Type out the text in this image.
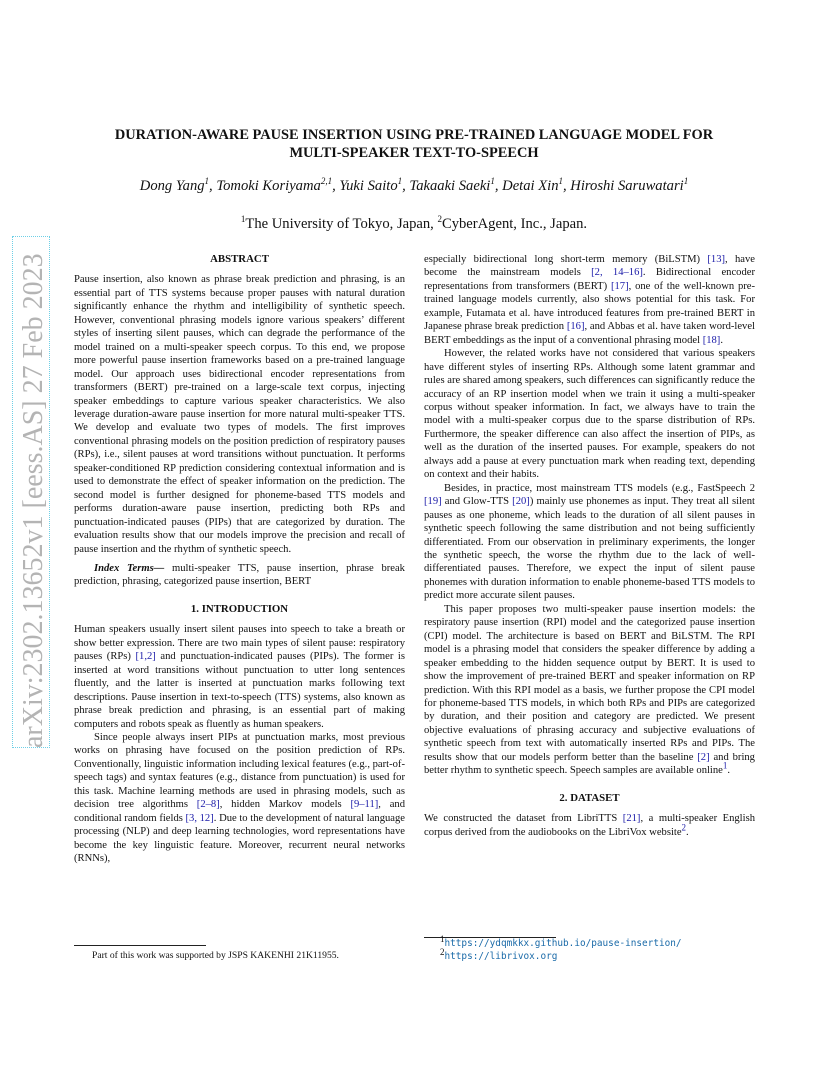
DURATION-AWARE PAUSE INSERTION USING PRE-TRAINED LANGUAGE MODEL FOR
MULTI-SPEAKER TEXT-TO-SPEECH
Dong Yang$^1$, Tomoki Koriyama$^{2,1}$, Yuki Saito$^1$, Takaaki Saeki$^1$, Detai Xin$^1$, Hiroshi Saruwatari$^1$
$^1$The University of Tokyo, Japan, $^2$CyberAgent, Inc., Japan.
arXiv:2302.13652v1 [eess.AS] 27 Feb 2023	ABSTRACT

Pause insertion, also known as phrase break prediction and phrasing, is an essential part of TTS systems because proper pauses with natural duration significantly enhance the rhythm and intelligibility of synthetic speech. However, conventional phrasing models ignore various speakers’ different styles of inserting silent pauses, which can degrade the performance of the model trained on a multi-speaker speech corpus. To this end, we propose more powerful pause insertion frameworks based on a pre-trained language model. Our approach uses bidirectional encoder representations from transformers (BERT) pre-trained on a large-scale text corpus, injecting speaker embeddings to capture various speaker characteristics. We also leverage duration-aware pause insertion for more natural multi-speaker TTS. We develop and evaluate two types of models. The first improves conventional phrasing models on the position prediction of respiratory pauses (RPs), i.e., silent pauses at word transitions without punctuation. It performs speaker-conditioned RP prediction considering contextual information and is used to demonstrate the effect of speaker information on the prediction. The second model is further designed for phoneme-based TTS models and performs duration-aware pause insertion, predicting both RPs and punctuation-indicated pauses (PIPs) that are categorized by duration. The evaluation results show that our models improve the precision and recall of pause insertion and the rhythm of synthetic speech.

Index Terms— multi-speaker TTS, pause insertion, phrase break prediction, phrasing, categorized pause insertion, BERT

1. INTRODUCTION

Human speakers usually insert silent pauses into speech to take a breath or show better expression. There are two main types of silent pause: respiratory pauses (RPs) [1,2] and punctuation-indicated pauses (PIPs). The former is inserted at word transitions without punctuation to utter long sentences fluently, and the latter is inserted at punctuation marks following text descriptions. Pause insertion in text-to-speech (TTS) systems, also known as phrase break prediction and phrasing, is an essential part of making computers and robots speak as fluently as human speakers.

Since people always insert PIPs at punctuation marks, most previous works on phrasing have focused on the position prediction of RPs. Conventionally, linguistic information including lexical features (e.g., part-of-speech tags) and syntax features (e.g., distance from punctuation) is used for this task. Machine learning methods are used in phrasing models, such as decision tree algorithms [2–8], hidden Markov models [9–11], and conditional random fields [3, 12]. Due to the development of natural language processing (NLP) and deep learning technologies, word representations have become the key linguistic feature. Moreover, recurrent neural networks (RNNs),

especially bidirectional long short-term memory (BiLSTM) [13], have become the mainstream models [2, 14–16]. Bidirectional encoder representations from transformers (BERT) [17], one of the well-known pre-trained language models currently, also shows potential for this task. For example, Futamata et al. have introduced features from pre-trained BERT in Japanese phrase break prediction [16], and Abbas et al. have taken word-level BERT embeddings as the input of a conventional phrasing model [18].

However, the related works have not considered that various speakers have different styles of inserting RPs. Although some latent grammar and rules are shared among speakers, such differences can significantly reduce the accuracy of an RP insertion model when we train it using a multi-speaker corpus without speaker information. In fact, we always have to train the model with a multi-speaker corpus due to the sparse distribution of RPs. Furthermore, the speaker difference can also affect the insertion of PIPs, as well as the duration of the inserted pauses. For example, speakers do not always add a pause at every punctuation mark when reading text, depending on context and their habits.

Besides, in practice, most mainstream TTS models (e.g., FastSpeech 2 [19] and Glow-TTS [20]) mainly use phonemes as input. They treat all silent pauses as one phoneme, which leads to the duration of all silent pauses in synthetic speech following the same distribution and not being sufficiently differentiated. From our observation in preliminary experiments, the longer the synthetic speech, the worse the rhythm due to the lack of well-differentiated pauses. Therefore, we expect the input of silent pause phonemes with duration information to enable phoneme-based TTS models to predict more accurate silent pauses.

This paper proposes two multi-speaker pause insertion models: the respiratory pause insertion (RPI) model and the categorized pause insertion (CPI) model. The architecture is based on BERT and BiLSTM. The RPI model is a phrasing model that considers the speaker difference by adding a speaker embedding to the hidden sequence output by BERT. It is used to show the improvement of pre-trained BERT and speaker information on RP prediction. With this RPI model as a basis, we further propose the CPI model for phoneme-based TTS models, in which both RPs and PIPs are categorized by duration, and their position and category are predicted. We present objective evaluations of phrasing accuracy and subjective evaluations of synthetic speech from text with automatically inserted RPs and PIPs. The results show that our models perform better than the baseline [2] and bring better rhythm to synthetic speech. Speech samples are available online$^1$.

2. DATASET

We constructed the dataset from LibriTTS [21], a multi-speaker English corpus derived from the audiobooks on the LibriVox website$^2$.

$^1$https://ydqmkkx.github.io/pause-insertion/
$^2$https://librivox.org
Part of this work was supported by JSPS KAKENHI 21K11955.
